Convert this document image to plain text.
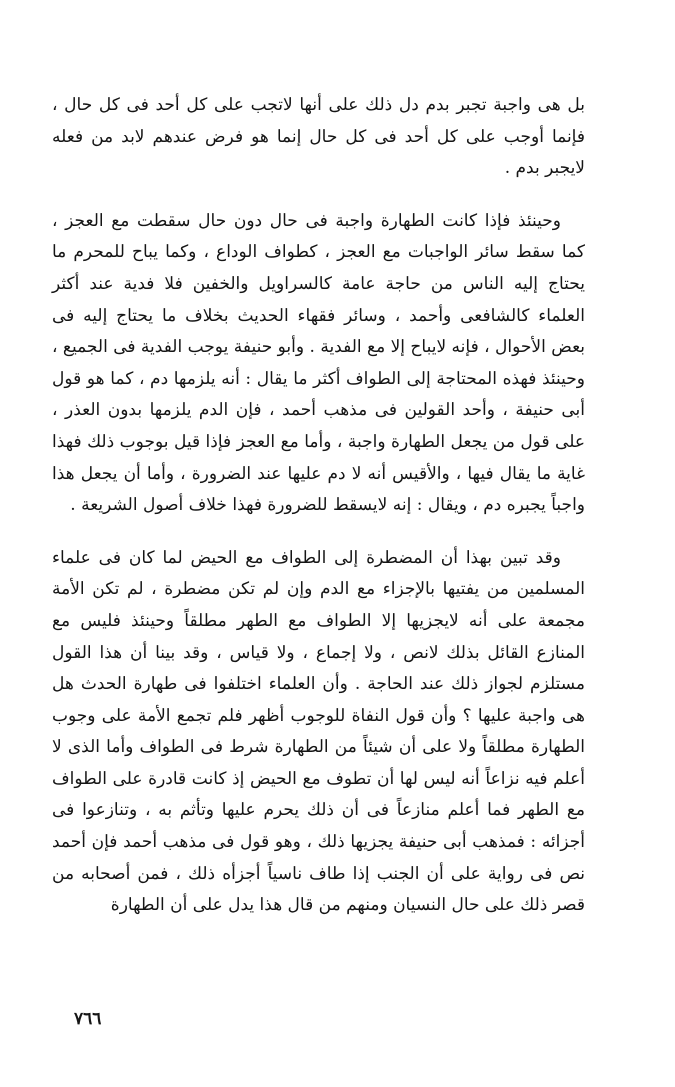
بل هى واجبة تجبر بدم دل ذلك على أنها لاتجب على كل أحد فى كل حال ، فإنما أوجب على كل أحد فى كل حال إنما هو فرض عندهم لابد من فعله لايجبر بدم .

وحينئذ فإذا كانت الطهارة واجبة فى حال دون حال سقطت مع العجز ، كما سقط سائر الواجبات مع العجز ، كطواف الوداع ، وكما يباح للمحرم ما يحتاج إليه الناس من حاجة عامة كالسراويل والخفين فلا فدية عند أكثر العلماء كالشافعى وأحمد ، وسائر فقهاء الحديث بخلاف ما يحتاج إليه فى بعض الأحوال ، فإنه لايباح إلا مع الفدية . وأبو حنيفة يوجب الفدية فى الجميع ، وحينئذ فهذه المحتاجة إلى الطواف أكثر ما يقال : أنه يلزمها دم ، كما هو قول أبى حنيفة ، وأحد القولين فى مذهب أحمد ، فإن الدم يلزمها بدون العذر ، على قول من يجعل الطهارة واجبة ، وأما مع العجز فإذا قيل بوجوب ذلك فهذا غاية ما يقال فيها ، والأقيس أنه لا دم عليها عند الضرورة ، وأما أن يجعل هذا واجباً يجبره دم ، ويقال : إنه لايسقط للضرورة فهذا خلاف أصول الشريعة .

وقد تبين بهذا أن المضطرة إلى الطواف مع الحيض لما كان فى علماء المسلمين من يفتيها بالإجزاء مع الدم وإن لم تكن مضطرة ، لم تكن الأمة مجمعة على أنه لايجزيها إلا الطواف مع الطهر مطلقاً وحينئذ فليس مع المنازع القائل بذلك لانص ، ولا إجماع ، ولا قياس ، وقد بينا أن هذا القول مستلزم لجواز ذلك عند الحاجة . وأن العلماء اختلفوا فى طهارة الحدث هل هى واجبة عليها ؟ وأن قول النفاة للوجوب أظهر فلم تجمع الأمة على وجوب الطهارة مطلقاً ولا على أن شيئاً من الطهارة شرط فى الطواف وأما الذى لا أعلم فيه نزاعاً أنه ليس لها أن تطوف مع الحيض إذ كانت قادرة على الطواف مع الطهر فما أعلم منازعاً فى أن ذلك يحرم عليها وتأثم به ، وتنازعوا فى أجزائه : فمذهب أبى حنيفة يجزيها ذلك ، وهو قول فى مذهب أحمد فإن أحمد نص فى رواية على أن الجنب إذا طاف ناسياً أجزأه ذلك ، فمن أصحابه من قصر ذلك على حال النسيان ومنهم من قال هذا يدل على أن الطهارة

٧٦٦
